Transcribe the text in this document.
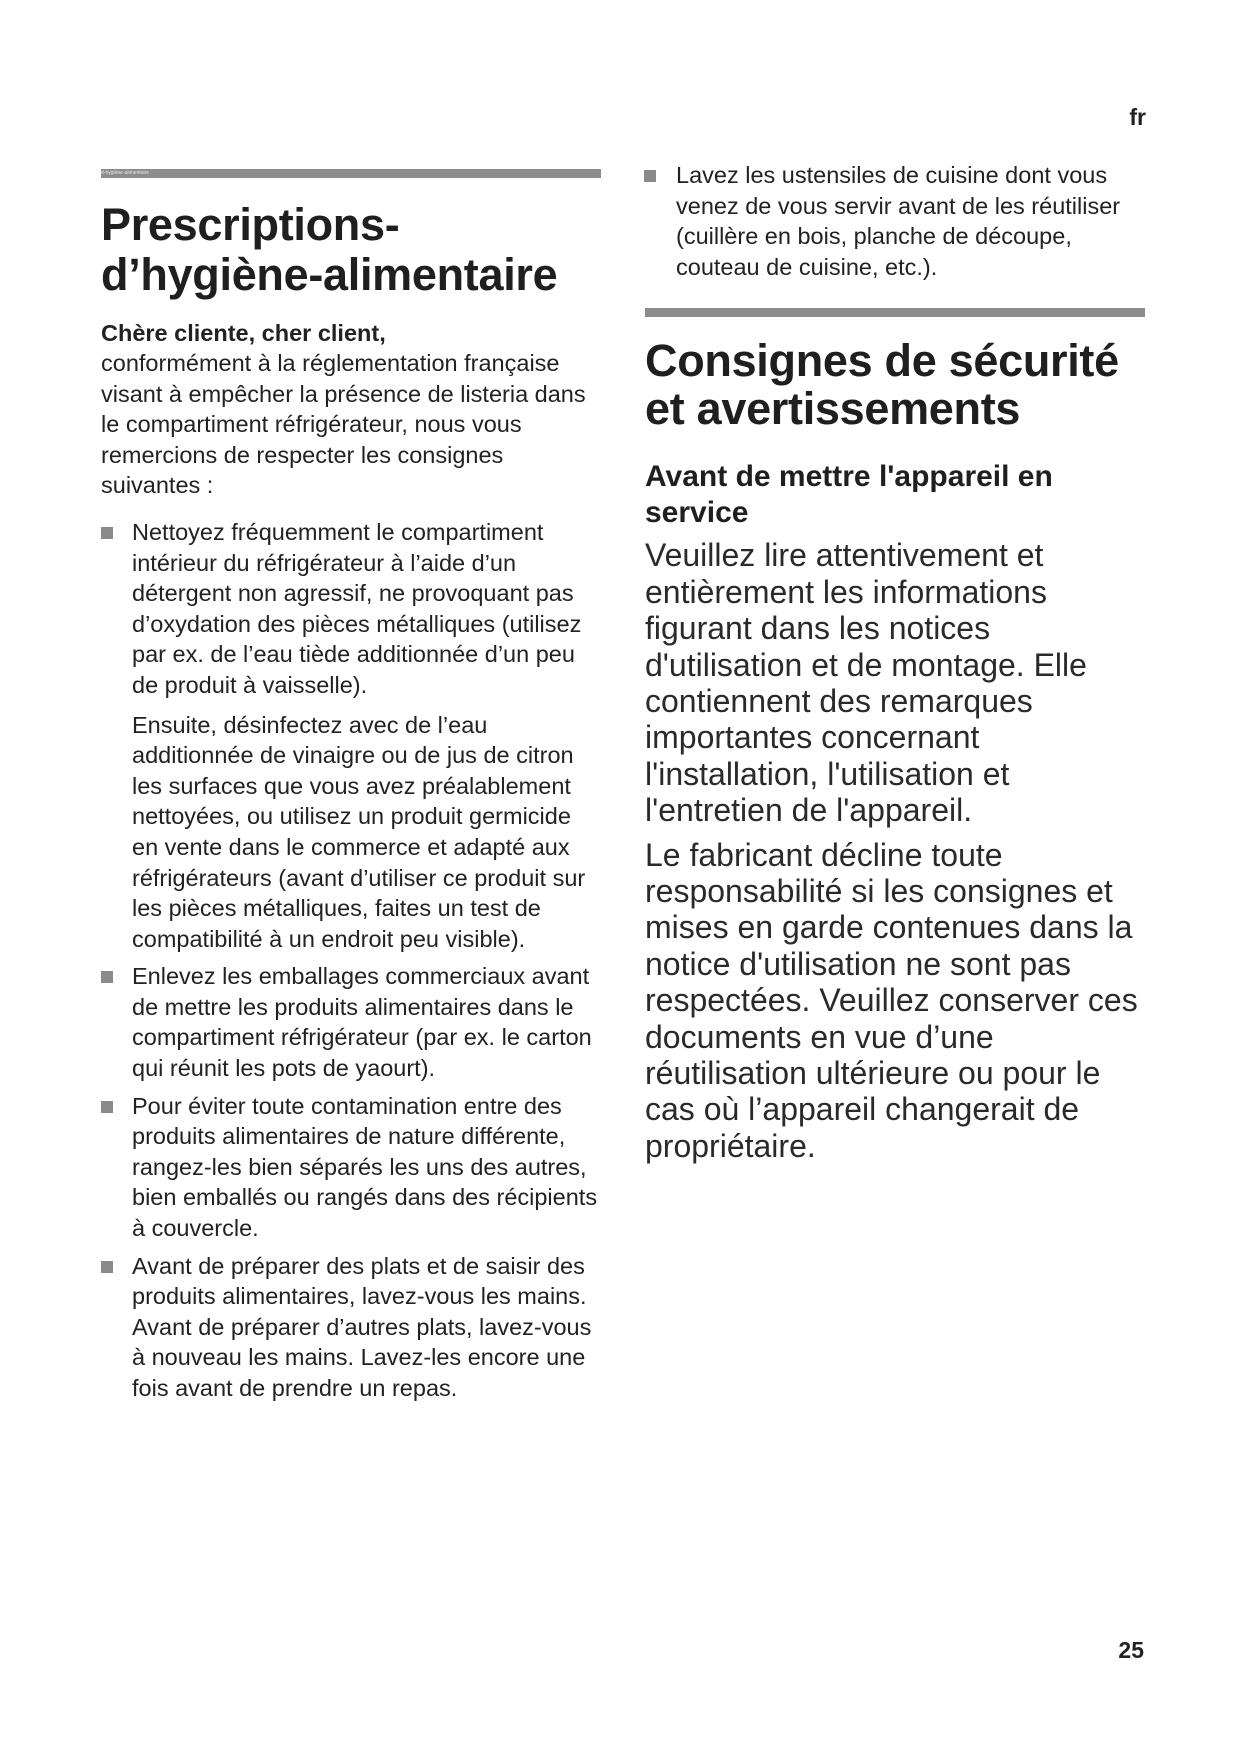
fr
d-hygiène-alimentaire
Prescriptions- d’hygiène-alimentaire
Chère cliente, cher client,

conformément à la réglementation française visant à empêcher la présence de listeria dans le compartiment réfrigérateur, nous vous remercions de respecter les consignes suivantes :

Nettoyez fréquemment le compartiment intérieur du réfrigérateur à l’aide d’un détergent non agressif, ne provoquant pas d’oxydation des pièces métalliques (utilisez par ex. de l’eau tiède additionnée d’un peu de produit à vaisselle).

Ensuite, désinfectez avec de l’eau additionnée de vinaigre ou de jus de citron les surfaces que vous avez préalablement nettoyées, ou utilisez un produit germicide en vente dans le commerce et adapté aux réfrigérateurs (avant d’utiliser ce produit sur les pièces métalliques, faites un test de compatibilité à un endroit peu visible).

Enlevez les emballages commerciaux avant de mettre les produits alimentaires dans le compartiment réfrigérateur (par ex. le carton qui réunit les pots de yaourt).

Pour éviter toute contamination entre des produits alimentaires de nature différente, rangez-les bien séparés les uns des autres, bien emballés ou rangés dans des récipients à couvercle.

Avant de préparer des plats et de saisir des produits alimentaires, lavez-vous les mains. Avant de préparer d’autres plats, lavez-vous à nouveau les mains. Lavez-les encore une fois avant de prendre un repas.

Lavez les ustensiles de cuisine dont vous venez de vous servir avant de les réutiliser (cuillère en bois, planche de découpe, couteau de cuisine, etc.).

Consignes de sécurité et avertissements
Avant de mettre l'appareil en service

Veuillez lire attentivement et entièrement les informations figurant dans les notices d'utilisation et de montage. Elle contiennent des remarques importantes concernant l'installation, l'utilisation et l'entretien de l'appareil.

Le fabricant décline toute responsabilité si les consignes et mises en garde contenues dans la notice d'utilisation ne sont pas respectées. Veuillez conserver ces documents en vue d’une réutilisation ultérieure ou pour le cas où l’appareil changerait de propriétaire.

25
